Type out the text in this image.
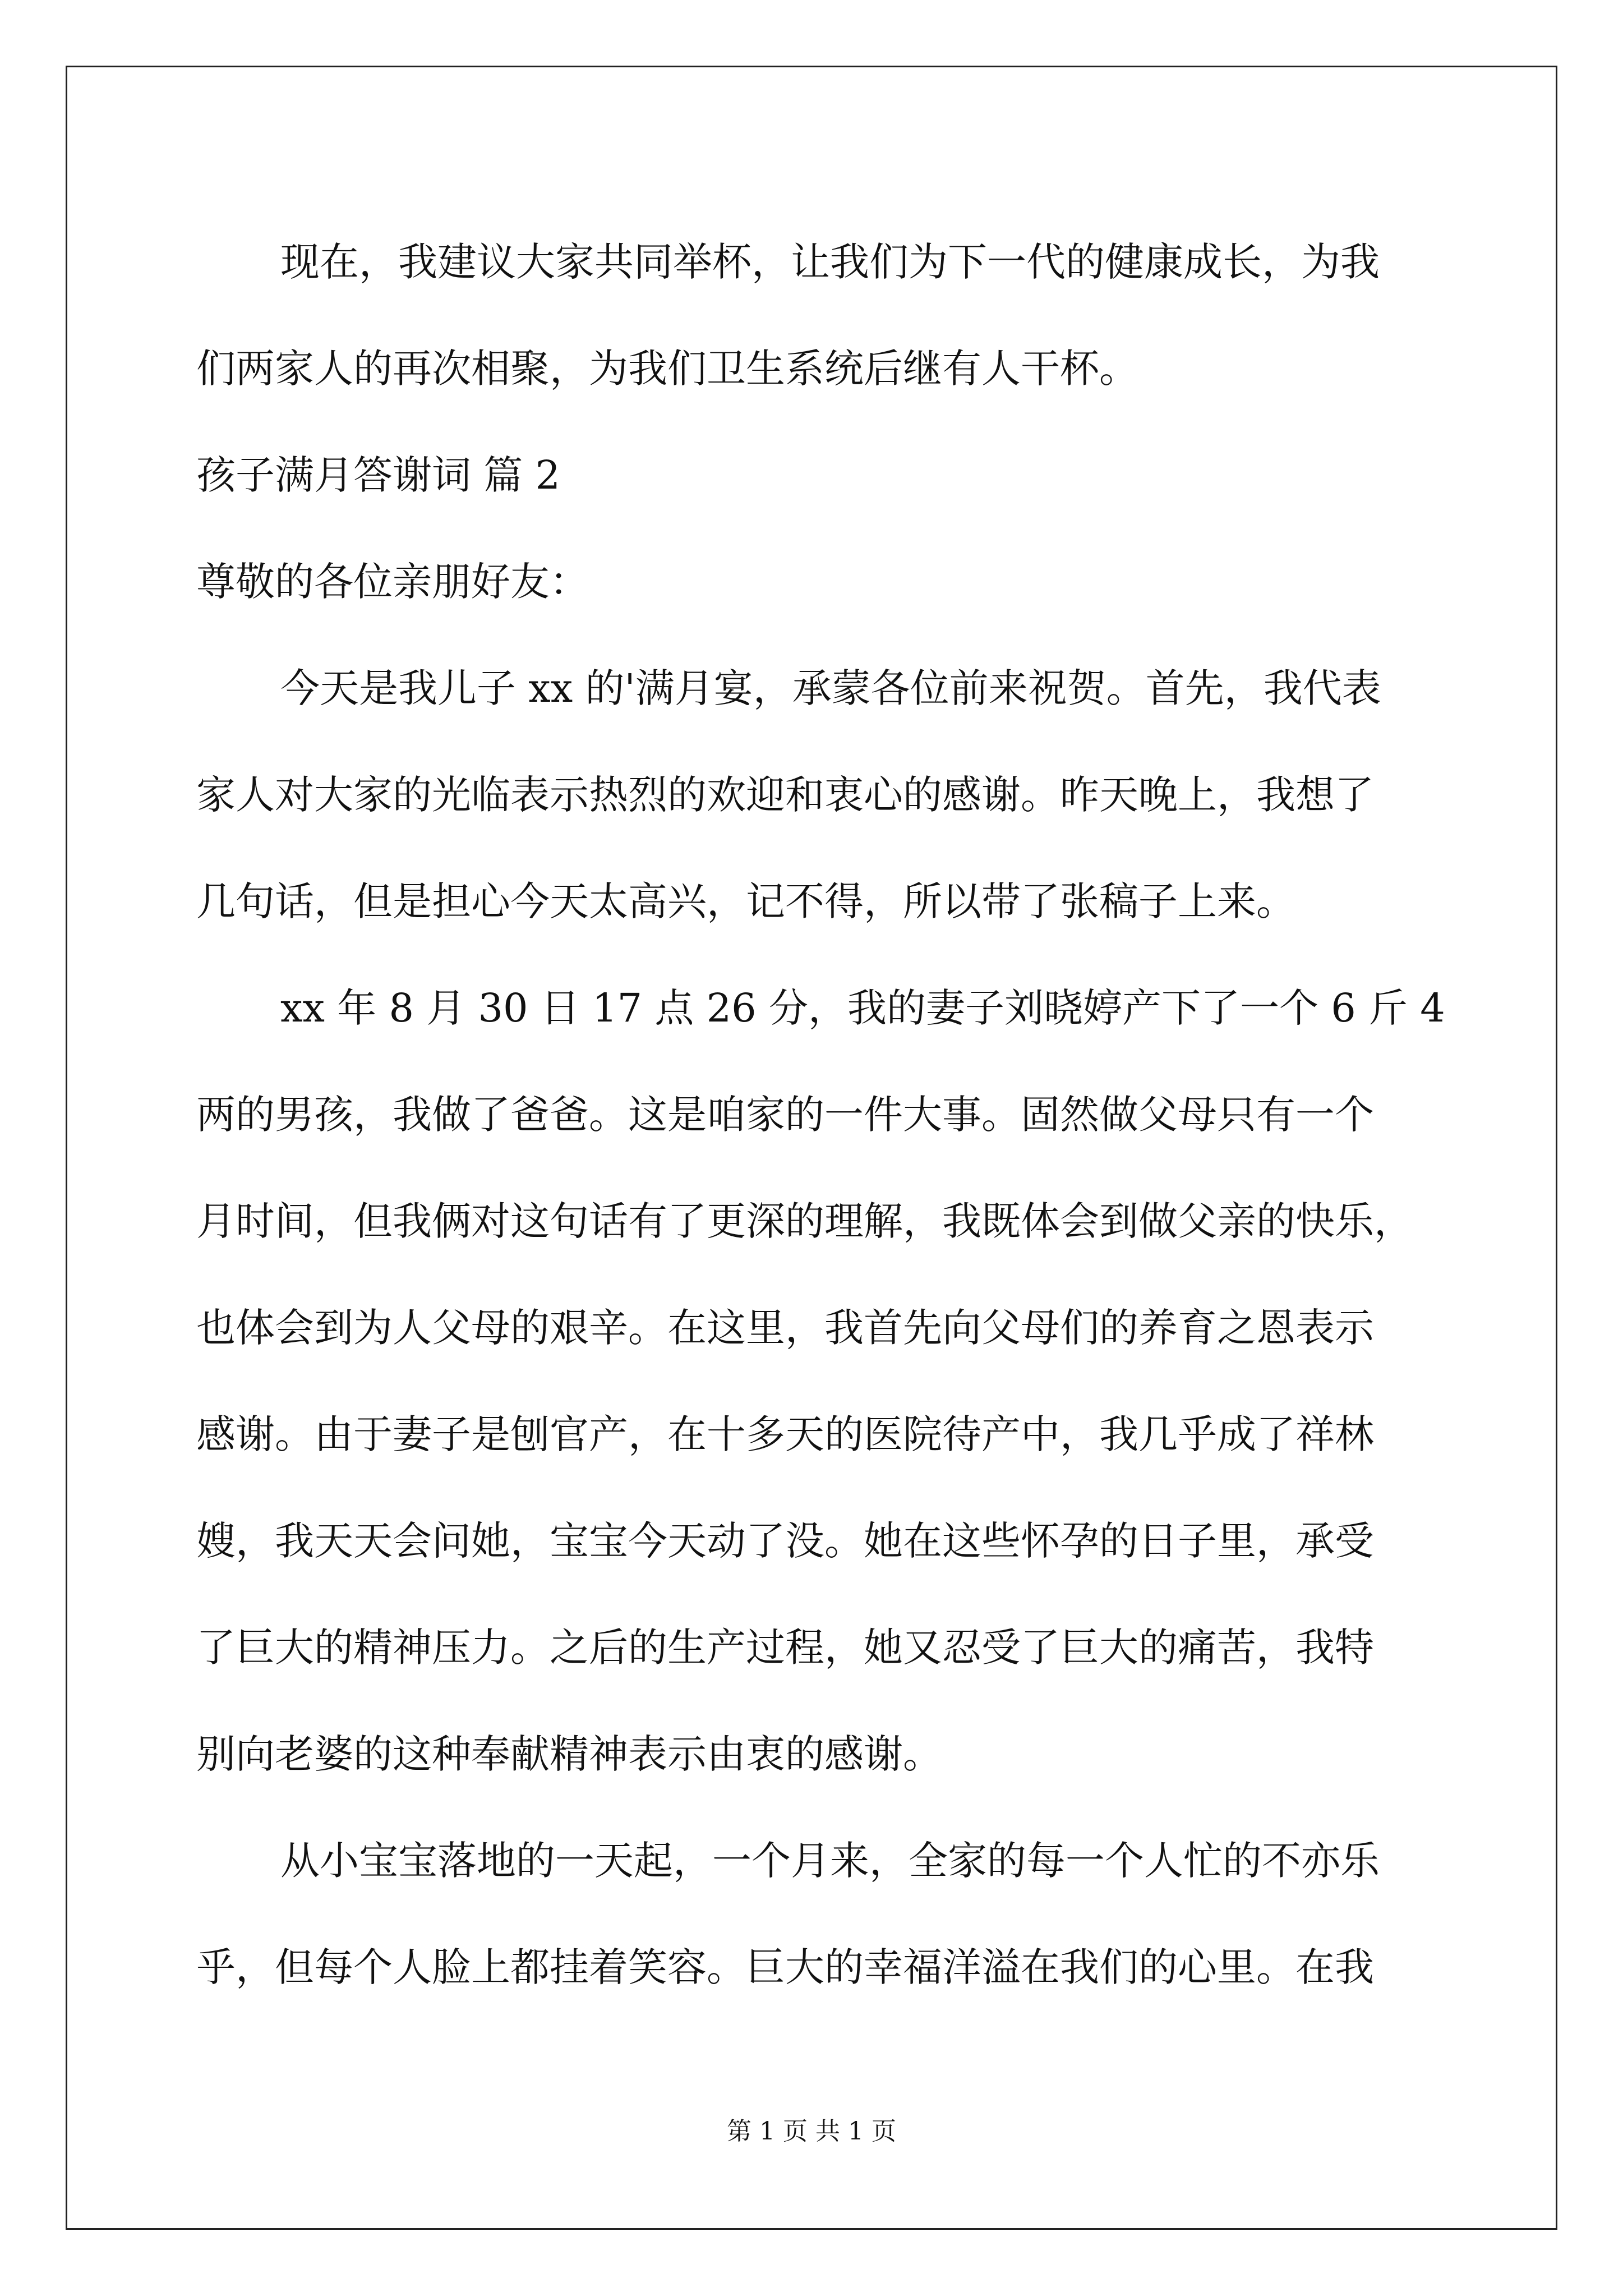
现在，我建议大家共同举杯，让我们为下一代的健康成长，为我
们两家人的再次相聚，为我们卫生系统后继有人干杯。
孩子满月答谢词 篇 2
尊敬的各位亲朋好友：
今天是我儿子 xx 的'满月宴，承蒙各位前来祝贺。首先，我代表
家人对大家的光临表示热烈的欢迎和衷心的感谢。昨天晚上，我想了
几句话，但是担心今天太高兴，记不得，所以带了张稿子上来。
xx 年 8 月 30 日 17 点 26 分，我的妻子刘晓婷产下了一个 6 斤 4
两的男孩，我做了爸爸。这是咱家的一件大事。固然做父母只有一个
月时间，但我俩对这句话有了更深的理解，我既体会到做父亲的快乐，
也体会到为人父母的艰辛。在这里，我首先向父母们的养育之恩表示
感谢。由于妻子是刨官产，在十多天的医院待产中，我几乎成了祥林
嫂，我天天会问她，宝宝今天动了没。她在这些怀孕的日子里，承受
了巨大的精神压力。之后的生产过程，她又忍受了巨大的痛苦，我特
别向老婆的这种奉献精神表示由衷的感谢。
从小宝宝落地的一天起，一个月来，全家的每一个人忙的不亦乐
乎，但每个人脸上都挂着笑容。巨大的幸福洋溢在我们的心里。在我
第 1 页 共 1 页
